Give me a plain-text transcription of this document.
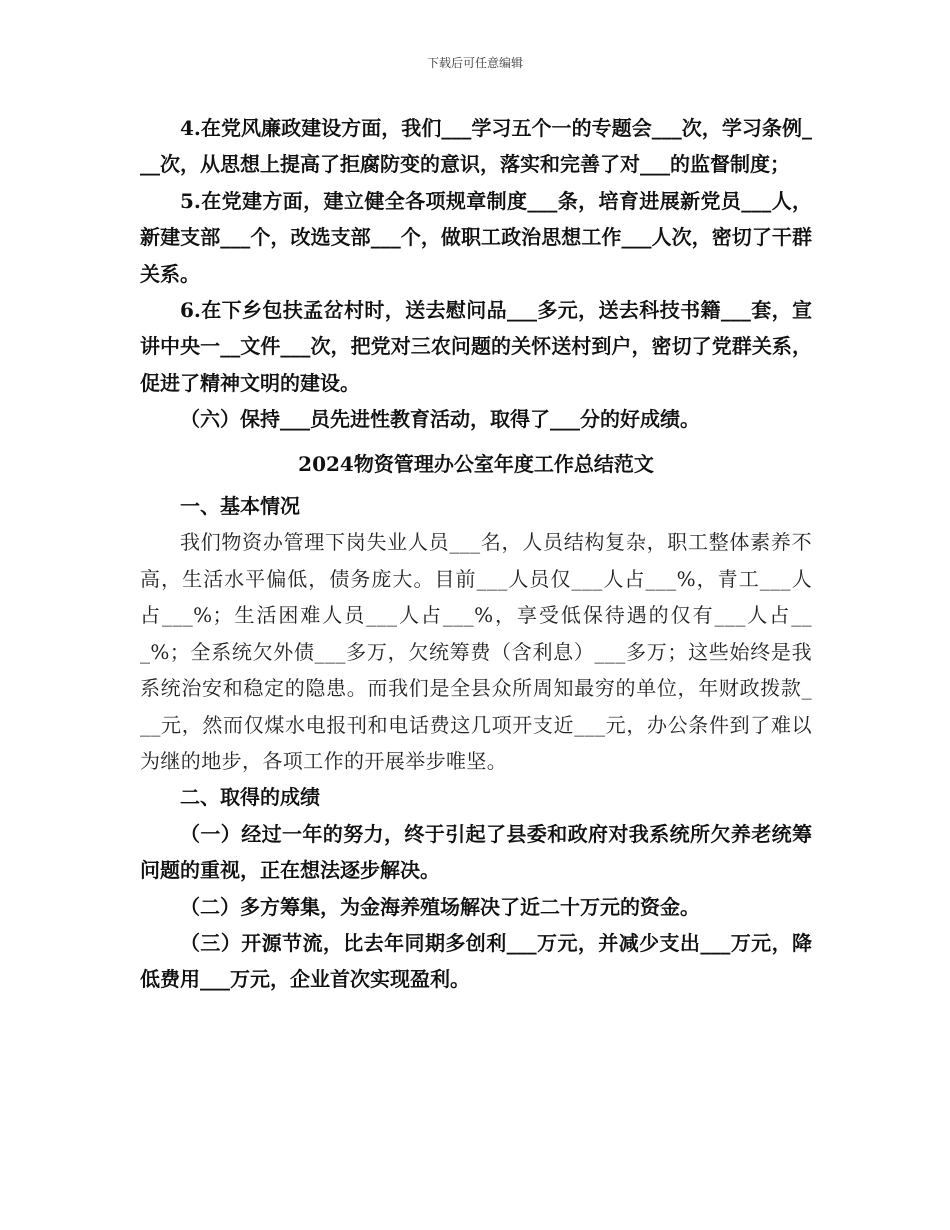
下载后可任意编辑

4.在党风廉政建设方面，我们___学习五个一的专题会___次，学习条例___次，从思想上提高了拒腐防变的意识，落实和完善了对___的监督制度；

5.在党建方面，建立健全各项规章制度___条，培育进展新党员___人，新建支部___个，改选支部___个，做职工政治思想工作___人次，密切了干群关系。

6.在下乡包扶孟岔村时，送去慰问品___多元，送去科技书籍___套，宣讲中央一__文件___次，把党对三农问题的关怀送村到户，密切了党群关系，促进了精神文明的建设。

（六）保持___员先进性教育活动，取得了___分的好成绩。

2024物资管理办公室年度工作总结范文

一、基本情况

我们物资办管理下岗失业人员___名，人员结构复杂，职工整体素养不高，生活水平偏低，债务庞大。目前___人员仅___人占___%，青工___人占___%；生活困难人员___人占___%，享受低保待遇的仅有___人占___%；全系统欠外债___多万，欠统筹费（含利息）___多万；这些始终是我系统治安和稳定的隐患。而我们是全县众所周知最穷的单位，年财政拨款___元，然而仅煤水电报刊和电话费这几项开支近___元，办公条件到了难以为继的地步，各项工作的开展举步唯坚。

二、取得的成绩

（一）经过一年的努力，终于引起了县委和政府对我系统所欠养老统筹问题的重视，正在想法逐步解决。

（二）多方筹集，为金海养殖场解决了近二十万元的资金。

（三）开源节流，比去年同期多创利___万元，并减少支出___万元，降低费用___万元，企业首次实现盈利。
